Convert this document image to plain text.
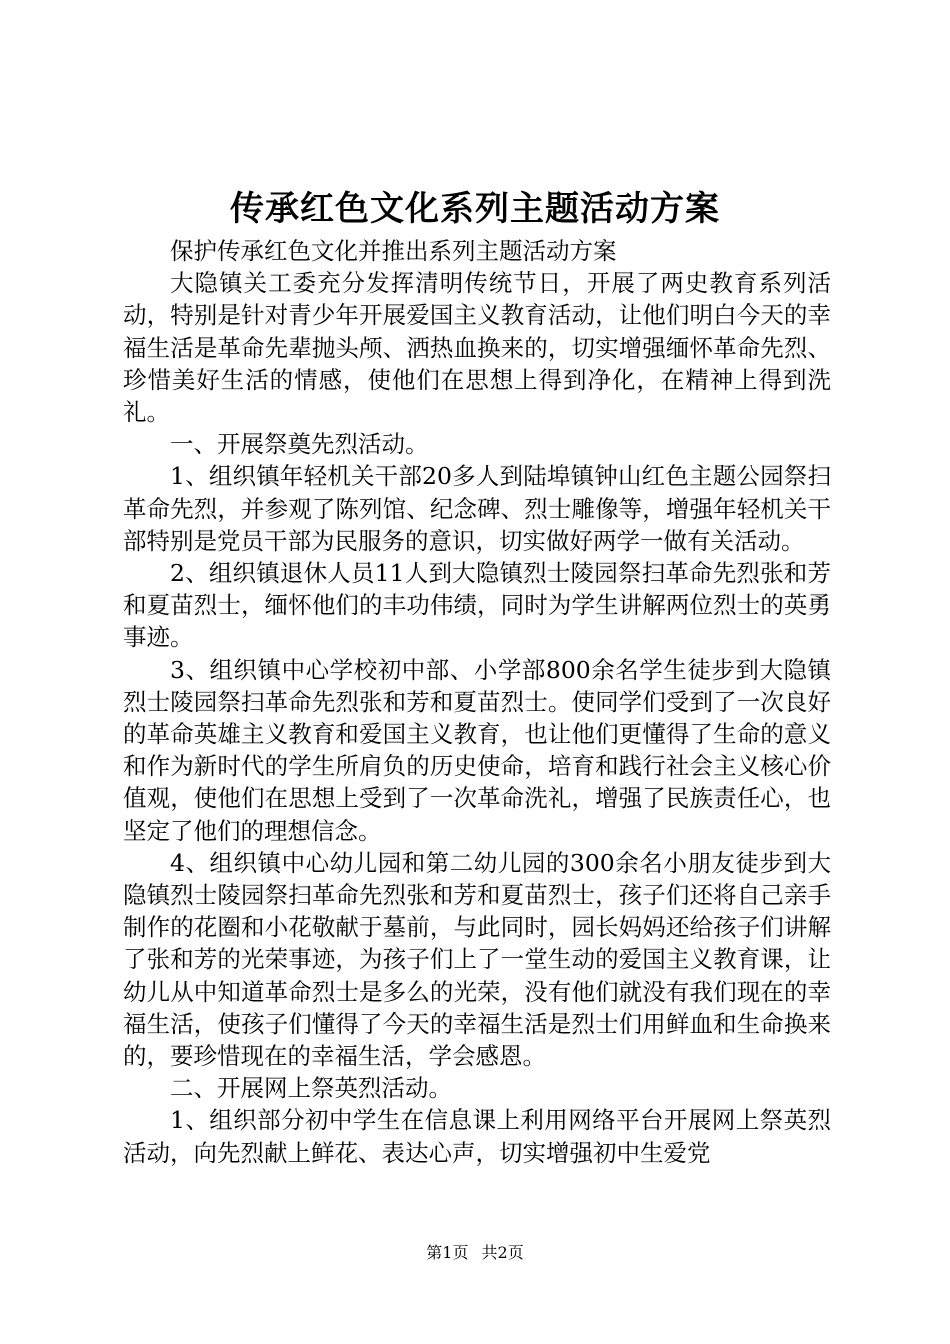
传承红色文化系列主题活动方案

保护传承红色文化并推出系列主题活动方案

大隐镇关工委充分发挥清明传统节日，开展了两史教育系列活动，特别是针对青少年开展爱国主义教育活动，让他们明白今天的幸福生活是革命先辈抛头颅、洒热血换来的，切实增强缅怀革命先烈、珍惜美好生活的情感，使他们在思想上得到净化，在精神上得到洗礼。

一、开展祭奠先烈活动。

1、组织镇年轻机关干部20多人到陆埠镇钟山红色主题公园祭扫革命先烈，并参观了陈列馆、纪念碑、烈士雕像等，增强年轻机关干部特别是党员干部为民服务的意识，切实做好两学一做有关活动。

2、组织镇退休人员11人到大隐镇烈士陵园祭扫革命先烈张和芳和夏苗烈士，缅怀他们的丰功伟绩，同时为学生讲解两位烈士的英勇事迹。

3、组织镇中心学校初中部、小学部800余名学生徒步到大隐镇烈士陵园祭扫革命先烈张和芳和夏苗烈士。使同学们受到了一次良好的革命英雄主义教育和爱国主义教育，也让他们更懂得了生命的意义和作为新时代的学生所肩负的历史使命，培育和践行社会主义核心价值观，使他们在思想上受到了一次革命洗礼，增强了民族责任心，也坚定了他们的理想信念。

4、组织镇中心幼儿园和第二幼儿园的300余名小朋友徒步到大隐镇烈士陵园祭扫革命先烈张和芳和夏苗烈士，孩子们还将自己亲手制作的花圈和小花敬献于墓前，与此同时，园长妈妈还给孩子们讲解了张和芳的光荣事迹，为孩子们上了一堂生动的爱国主义教育课，让幼儿从中知道革命烈士是多么的光荣，没有他们就没有我们现在的幸福生活，使孩子们懂得了今天的幸福生活是烈士们用鲜血和生命换来的，要珍惜现在的幸福生活，学会感恩。

二、开展网上祭英烈活动。

1、组织部分初中学生在信息课上利用网络平台开展网上祭英烈活动，向先烈献上鲜花、表达心声，切实增强初中生爱党

第1页 共2页
